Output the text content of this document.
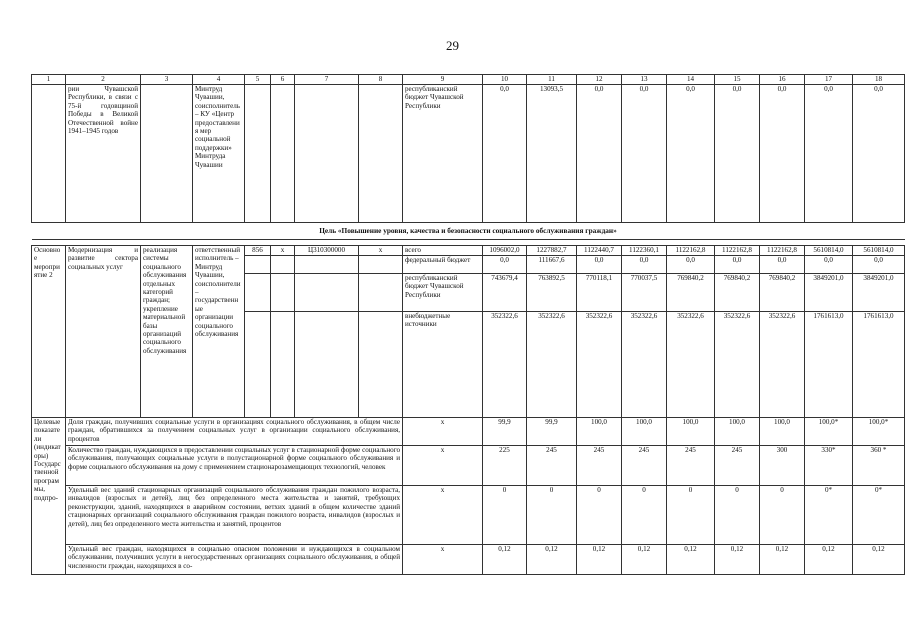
29
1	2	3	4	5	6	7	8	9	10	11	12	13	14	15	16	17	18
	рии Чувашской Республики, в связи с 75-й годовщиной Победы в Великой Отечественной войне 1941–1945 годов		Минтруд Чувашии, соисполнитель – КУ «Центр предоставления мер социальной поддержки» Минтруда Чувашии					республиканский бюджет Чувашской Республики	0,0	13093,5	0,0	0,0	0,0	0,0	0,0	0,0	0,0
Цель «Повышение уровня, качества и безопасности социального обслуживания граждан»																	

Основное мероприятие 2	Модернизация и развитие сектора социальных услуг	реализация системы социального обслуживания отдельных категорий граждан; укрепление материальной базы организаций социального обслуживания	ответственный исполнитель – Минтруд Чувашии, соисполнители – государственные организации социального обслуживания	856	х	Ц310300000	х	всего	1096002,0	1227882,7	1122440,7	1122360,1	1122162,8	1122162,8	1122162,8	5610814,0	5610814,0
								федеральный бюджет	0,0	111667,6	0,0	0,0	0,0	0,0	0,0	0,0	0,0
								республиканский бюджет Чувашской Республики	743679,4	763892,5	770118,1	770037,5	769840,2	769840,2	769840,2	3849201,0	3849201,0
								внебюджетные источники	352322,6	352322,6	352322,6	352322,6	352322,6	352322,6	352322,6	1761613,0	1761613,0
Целевые показатели (индикаторы) Государственной программы, подпро-	Доля граждан, получивших социальные услуги в организациях социального обслуживания, в общем числе граждан, обратившихся за получением социальных услуг в организации социального обслуживания, процентов							х	99,9	99,9	100,0	100,0	100,0	100,0	100,0	100,0*	100,0*
	Количество граждан, нуждающихся в предоставлении социальных услуг в стационарной форме социального обслуживания, получающих социальные услуги в полустационарной форме социального обслуживания и форме социального обслуживания на дому с применением стационарозамещающих технологий, человек							х	225	245	245	245	245	245	300	330*	360 *
	Удельный вес зданий стационарных организаций социального обслуживания граждан пожилого возраста, инвалидов (взрослых и детей), лиц без определенного места жительства и занятий, требующих реконструкции, зданий, находящихся в аварийном состоянии, ветхих зданий в общем количестве зданий стационарных организаций социального обслуживания граждан пожилого возраста, инвалидов (взрослых и детей), лиц без определенного места жительства и занятий, процентов							х	0	0	0	0	0	0	0	0*	0*
	Удельный вес граждан, находящихся в социально опасном положении и нуждающихся в социальном обслуживании, получивших услуги в негосударственных организациях социального обслуживания, в общей численности граждан, находящихся в со-							х	0,12	0,12	0,12	0,12	0,12	0,12	0,12	0,12	0,12
